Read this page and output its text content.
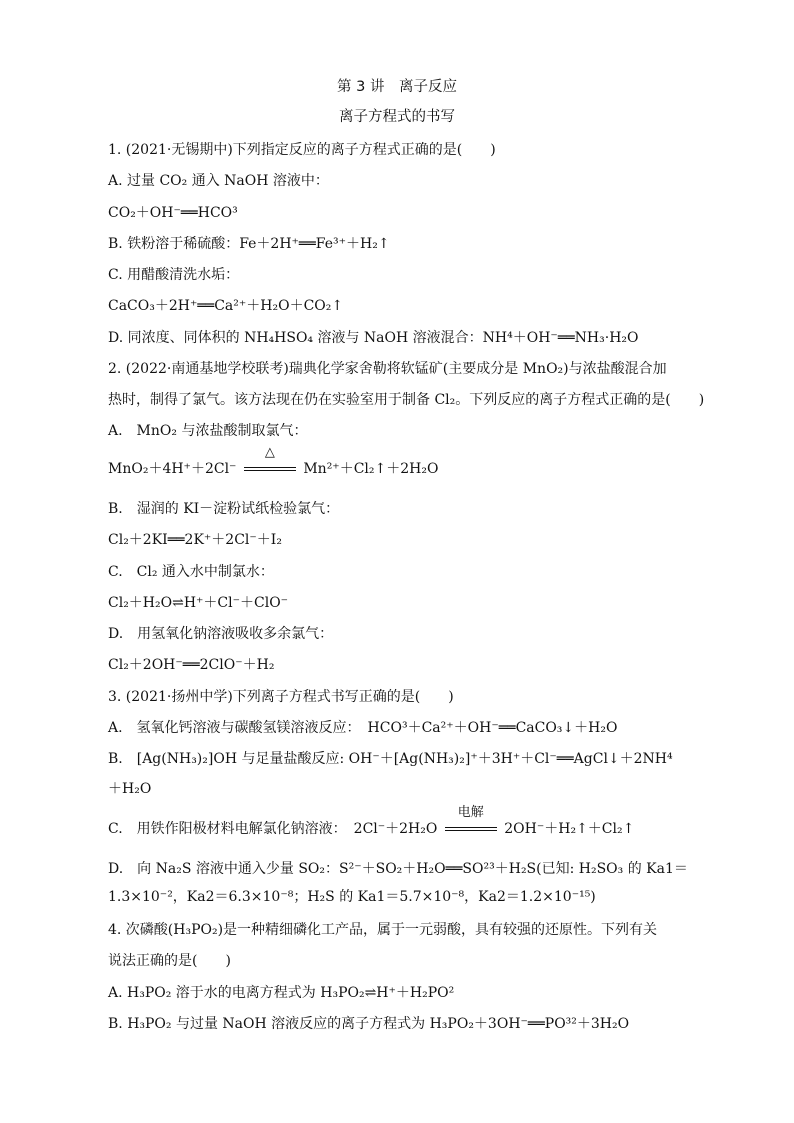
第 3 讲　离子反应
离子方程式的书写
1. (2021·无锡期中)下列指定反应的离子方程式正确的是(　　)
A. 过量 CO₂ 通入 NaOH 溶液中：
CO₂＋OH⁻══HCO³
B. 铁粉溶于稀硫酸：Fe＋2H⁺══Fe³⁺＋H₂↑
C. 用醋酸清洗水垢：
CaCO₃＋2H⁺══Ca²⁺＋H₂O＋CO₂↑
D. 同浓度、同体积的 NH₄HSO₄ 溶液与 NaOH 溶液混合：NH⁴＋OH⁻══NH₃·H₂O
2. (2022·南通基地学校联考)瑞典化学家舍勒将软锰矿(主要成分是 MnO₂)与浓盐酸混合加
热时，制得了氯气。该方法现在仍在实验室用于制备 Cl₂。下列反应的离子方程式正确的是(　　)
A.　MnO₂ 与浓盐酸制取氯气：
MnO₂＋4H⁺＋2Cl⁻
△
Mn²⁺＋Cl₂↑＋2H₂O
B.　湿润的 KI－淀粉试纸检验氯气：
Cl₂＋2KI══2K⁺＋2Cl⁻＋I₂
C.　Cl₂ 通入水中制氯水：
Cl₂＋H₂O⇌H⁺＋Cl⁻＋ClO⁻
D.　用氢氧化钠溶液吸收多余氯气：
Cl₂＋2OH⁻══2ClO⁻＋H₂
3. (2021·扬州中学)下列离子方程式书写正确的是(　　)
A.　氢氧化钙溶液与碳酸氢镁溶液反应：　HCO³＋Ca²⁺＋OH⁻══CaCO₃↓＋H₂O
B.　[Ag(NH₃)₂]OH 与足量盐酸反应: OH⁻＋[Ag(NH₃)₂]⁺＋3H⁺＋Cl⁻══AgCl↓＋2NH⁴
＋H₂O
C.　用铁作阳极材料电解氯化钠溶液：　2Cl⁻＋2H₂O
电解
2OH⁻＋H₂↑＋Cl₂↑
D.　向 Na₂S 溶液中通入少量 SO₂：S²⁻＋SO₂＋H₂O══SO²³＋H₂S(已知: H₂SO₃ 的 Ka1＝
1.3×10⁻²，Ka2＝6.3×10⁻⁸；H₂S 的 Ka1＝5.7×10⁻⁸，Ka2＝1.2×10⁻¹⁵)
4. 次磷酸(H₃PO₂)是一种精细磷化工产品，属于一元弱酸，具有较强的还原性。下列有关
说法正确的是(　　)
A. H₃PO₂ 溶于水的电离方程式为 H₃PO₂⇌H⁺＋H₂PO²
B. H₃PO₂ 与过量 NaOH 溶液反应的离子方程式为 H₃PO₂＋3OH⁻══PO³²＋3H₂O
